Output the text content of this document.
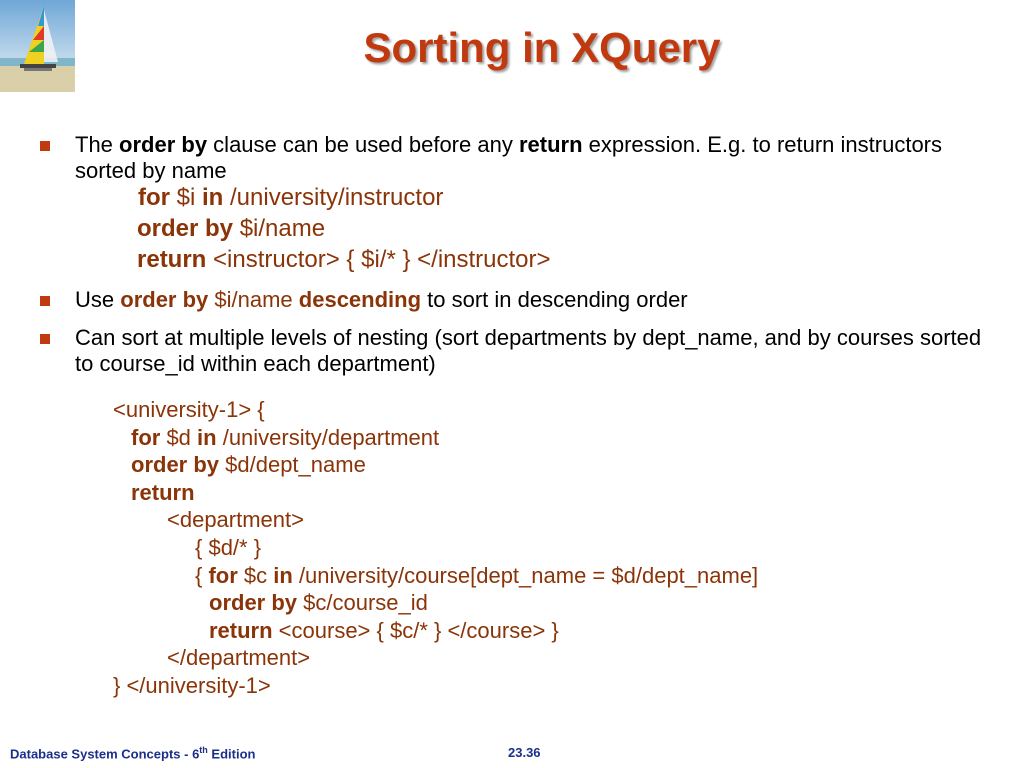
Sorting in XQuery
The order by clause can be used before any return expression. E.g. to return instructors sorted by name
for $i in /university/instructor
order by $i/name
return <instructor> { $i/* } </instructor>
Use order by $i/name descending to sort in descending order
Can sort at multiple levels of nesting (sort departments by dept_name, and by courses sorted to course_id within each department)
<university-1> {
for $d in /university/department
order by $d/dept_name
return
<department>
{ $d/* }
{ for $c in /university/course[dept_name = $d/dept_name]
order by $c/course_id
return <course> { $c/* } </course> }
</department>
} </university-1>
Database System Concepts - 6th Edition	23.36
